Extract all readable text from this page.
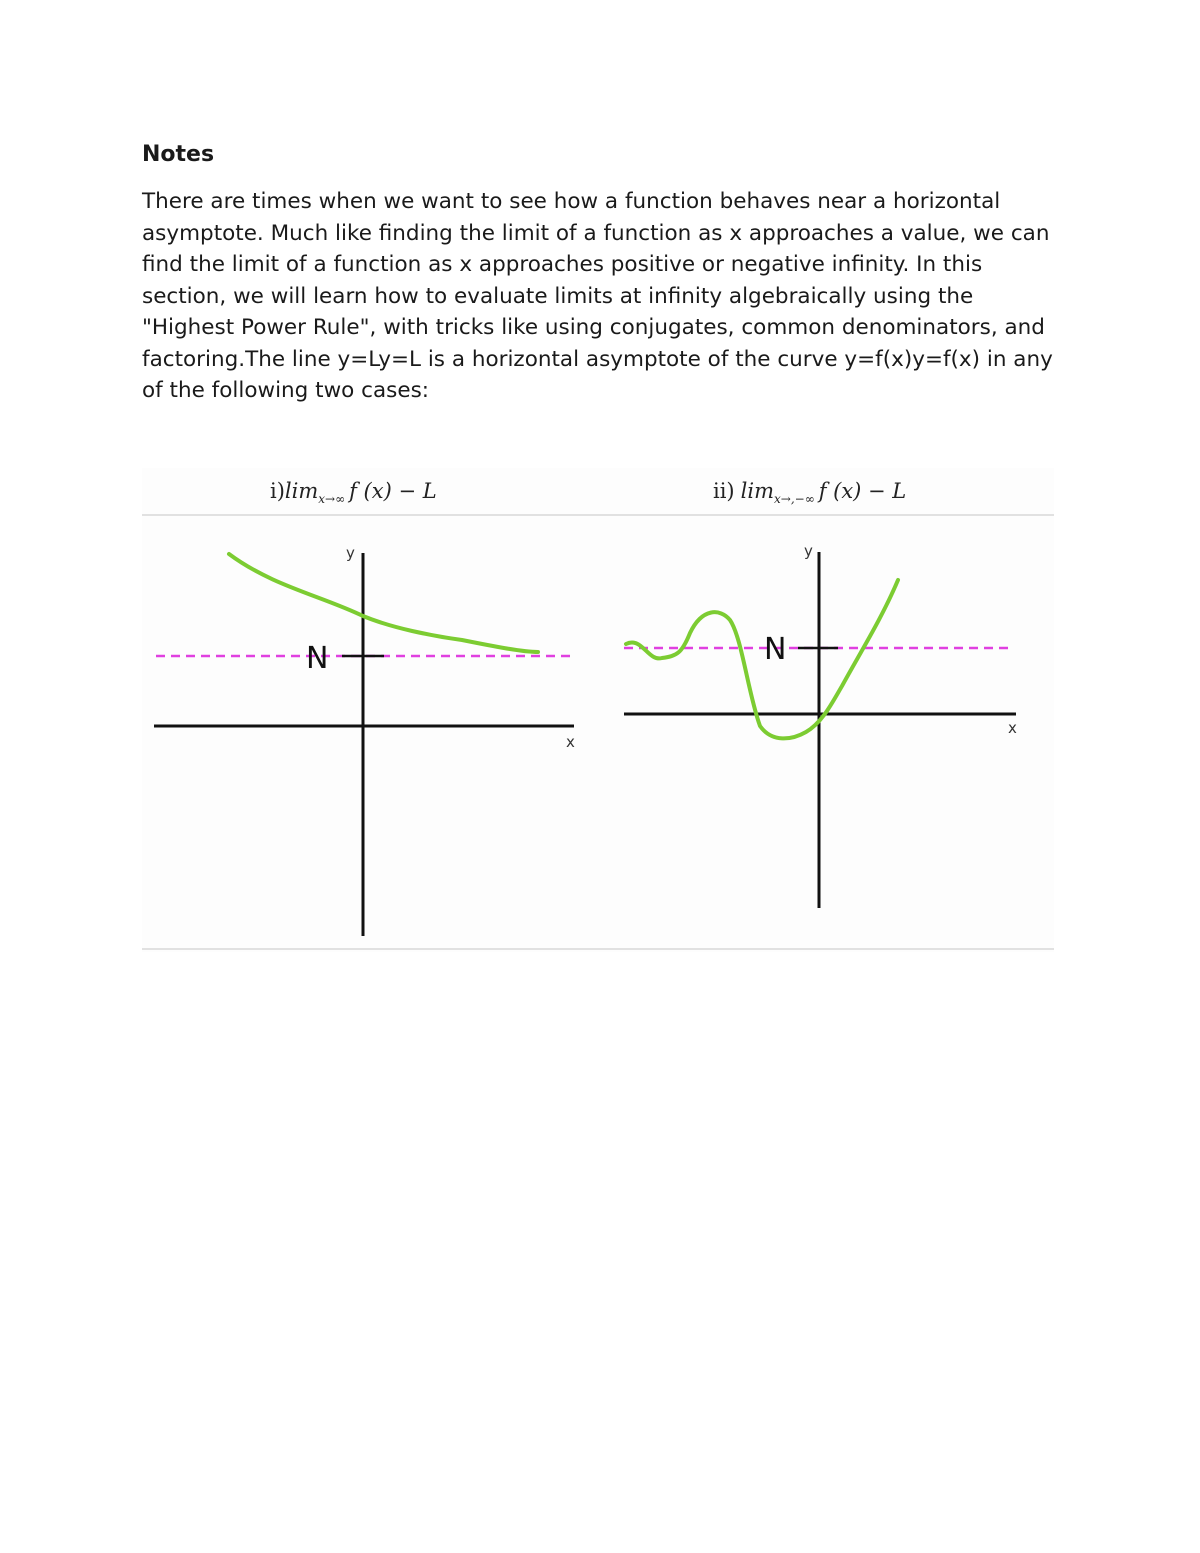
Notes

There are times when we want to see how a function behaves near a horizontal asymptote. Much like finding the limit of a function as x approaches a value, we can find the limit of a function as x approaches positive or negative infinity. In this section, we will learn how to evaluate limits at infinity algebraically using the "Highest Power Rule", with tricks like using conjugates, common denominators, and factoring.The line y=Ly=L is a horizontal asymptote of the curve y=f(x)y=f(x) in any of the following two cases:

$i)\lim_{x\to\infty}$ f (x) − L	ii) $\lim_{x\to,-\infty} f$ (x) − L
N
y
x
N
y
x
